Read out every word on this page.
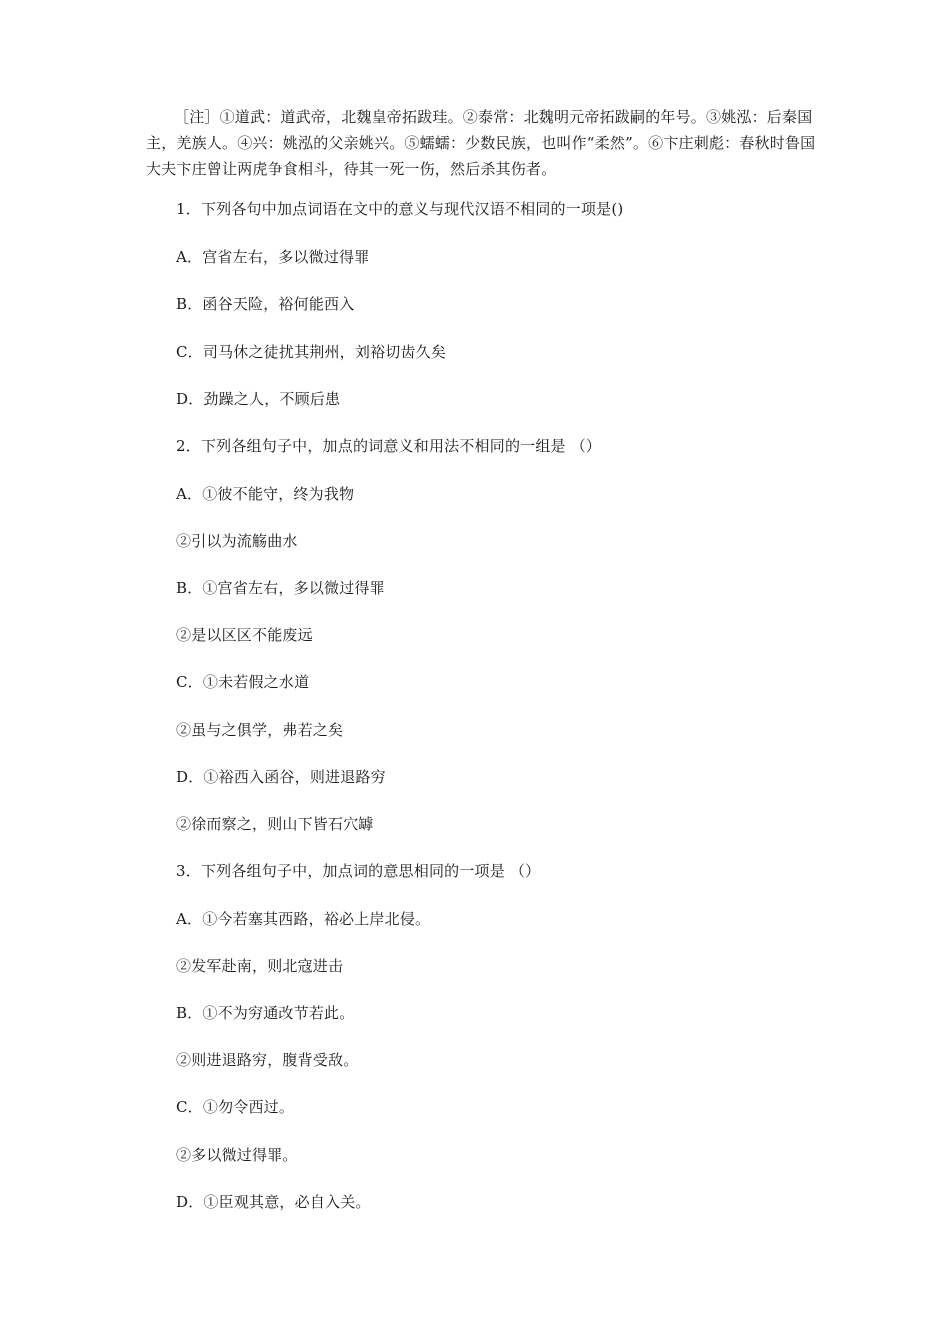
［注］①道武：道武帝，北魏皇帝拓跋珪。②泰常：北魏明元帝拓跋嗣的年号。③姚泓：后秦国主，羌族人。④兴：姚泓的父亲姚兴。⑤蠕蠕：少数民族，也叫作“柔然”。⑥卞庄刺彪：春秋时鲁国大夫卞庄曾让两虎争食相斗，待其一死一伤，然后杀其伤者。
1．下列各句中加点词语在文中的意义与现代汉语不相同的一项是()
A．宫省左右，多以微过得罪
B．函谷天险，裕何能西入
C．司马休之徒扰其荆州，刘裕切齿久矣
D．劲躁之人，不顾后患
2．下列各组句子中，加点的词意义和用法不相同的一组是 （）
A．①彼不能守，终为我物
②引以为流觞曲水
B．①宫省左右，多以微过得罪
②是以区区不能废远
C．①未若假之水道
②虽与之俱学，弗若之矣
D．①裕西入函谷，则进退路穷
②徐而察之，则山下皆石穴罅
3．下列各组句子中，加点词的意思相同的一项是 （）
A．①今若塞其西路，裕必上岸北侵。
②发军赴南，则北寇进击
B．①不为穷通改节若此。
②则进退路穷，腹背受敌。
C．①勿令西过。
②多以微过得罪。
D．①臣观其意，必自入关。
